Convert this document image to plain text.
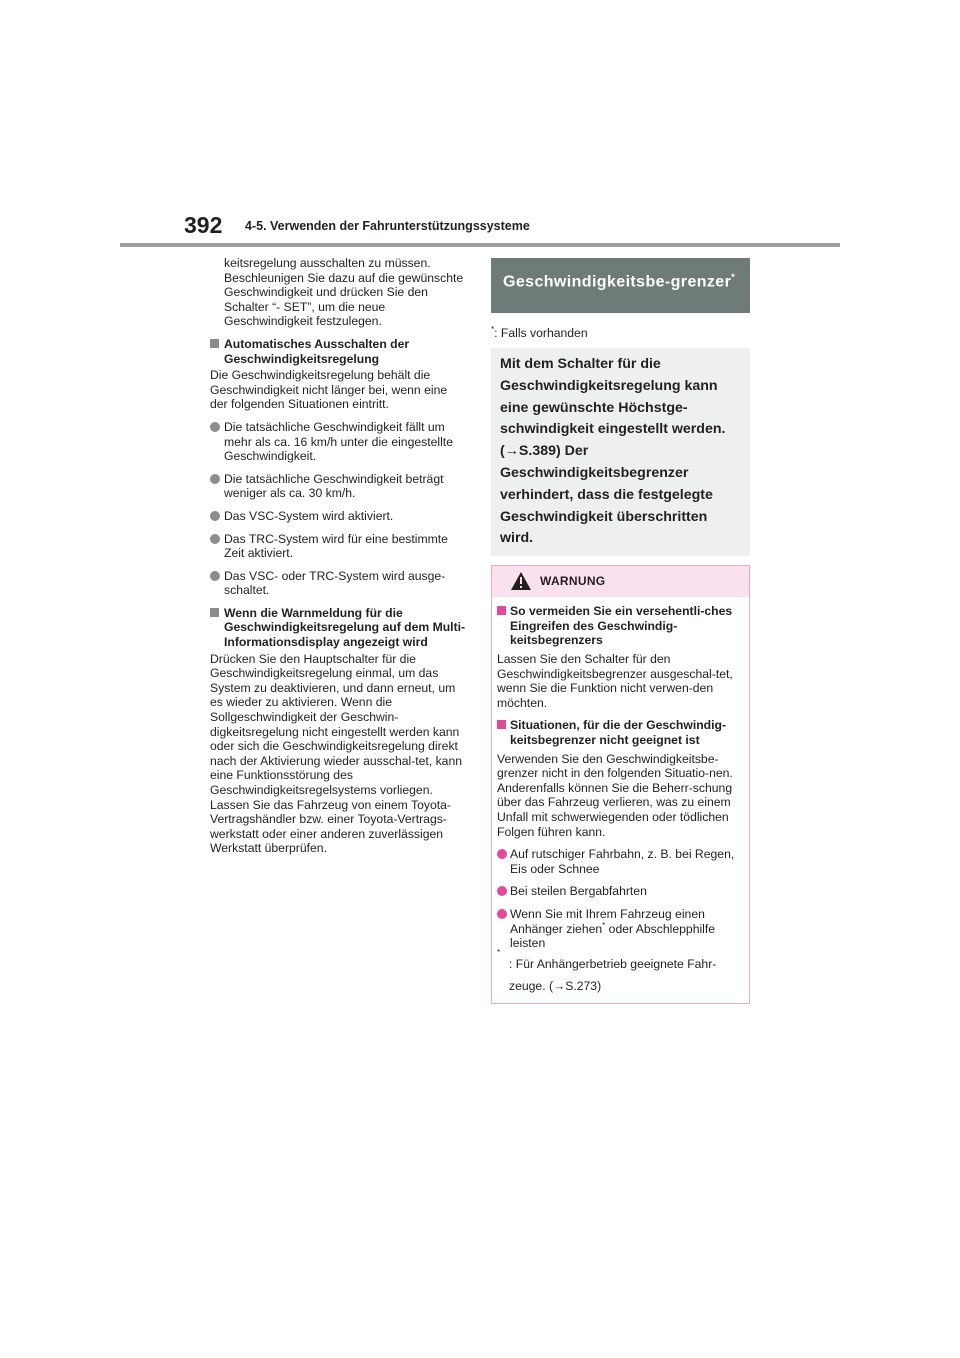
392 4-5. Verwenden der Fahrunterstützungssysteme

keitsregelung ausschalten zu müssen. Beschleunigen Sie dazu auf die gewünschte Geschwindigkeit und drücken Sie den Schalter “- SET”, um die neue Geschwindigkeit festzulegen.

Automatisches Ausschalten der Geschwindigkeitsregelung

Die Geschwindigkeitsregelung behält die Geschwindigkeit nicht länger bei, wenn eine der folgenden Situationen eintritt.

Die tatsächliche Geschwindigkeit fällt um mehr als ca. 16 km/h unter die eingestellte Geschwindigkeit.
Die tatsächliche Geschwindigkeit beträgt weniger als ca. 30 km/h.
Das VSC-System wird aktiviert.
Das TRC-System wird für eine bestimmte Zeit aktiviert.
Das VSC- oder TRC-System wird ausge-schaltet.
Wenn die Warnmeldung für die Geschwindigkeitsregelung auf dem Multi-Informationsdisplay angezeigt wird

Drücken Sie den Hauptschalter für die Geschwindigkeitsregelung einmal, um das System zu deaktivieren, und dann erneut, um es wieder zu aktivieren. Wenn die Sollgeschwindigkeit der Geschwin-digkeitsregelung nicht eingestellt werden kann oder sich die Geschwindigkeitsregelung direkt nach der Aktivierung wieder ausschal-tet, kann eine Funktionsstörung des Geschwindigkeitsregelsystems vorliegen. Lassen Sie das Fahrzeug von einem Toyota-Vertragshändler bzw. einer Toyota-Vertrags-werkstatt oder einer anderen zuverlässigen Werkstatt überprüfen.

Geschwindigkeitsbe-grenzer*
*: Falls vorhanden
Mit dem Schalter für die Geschwindigkeitsregelung kann eine gewünschte Höchstge-schwindigkeit eingestellt werden. (→S.389) Der Geschwindigkeitsbegrenzer verhindert, dass die festgelegte Geschwindigkeit überschritten wird.
WARNUNG
So vermeiden Sie ein versehentli-ches Eingreifen des Geschwindig-keitsbegrenzers

Lassen Sie den Schalter für den Geschwindigkeitsbegrenzer ausgeschal-tet, wenn Sie die Funktion nicht verwen-den möchten.

Situationen, für die der Geschwindig-keitsbegrenzer nicht geeignet ist

Verwenden Sie den Geschwindigkeitsbe-grenzer nicht in den folgenden Situatio-nen. Anderenfalls können Sie die Beherr-schung über das Fahrzeug verlieren, was zu einem Unfall mit schwerwiegenden oder tödlichen Folgen führen kann.

Auf rutschiger Fahrbahn, z. B. bei Regen, Eis oder Schnee
Bei steilen Bergabfahrten
Wenn Sie mit Ihrem Fahrzeug einen Anhänger ziehen* oder Abschlepphilfe leisten
*
: Für Anhängerbetrieb geeignete Fahr-zeuge. (→S.273)
